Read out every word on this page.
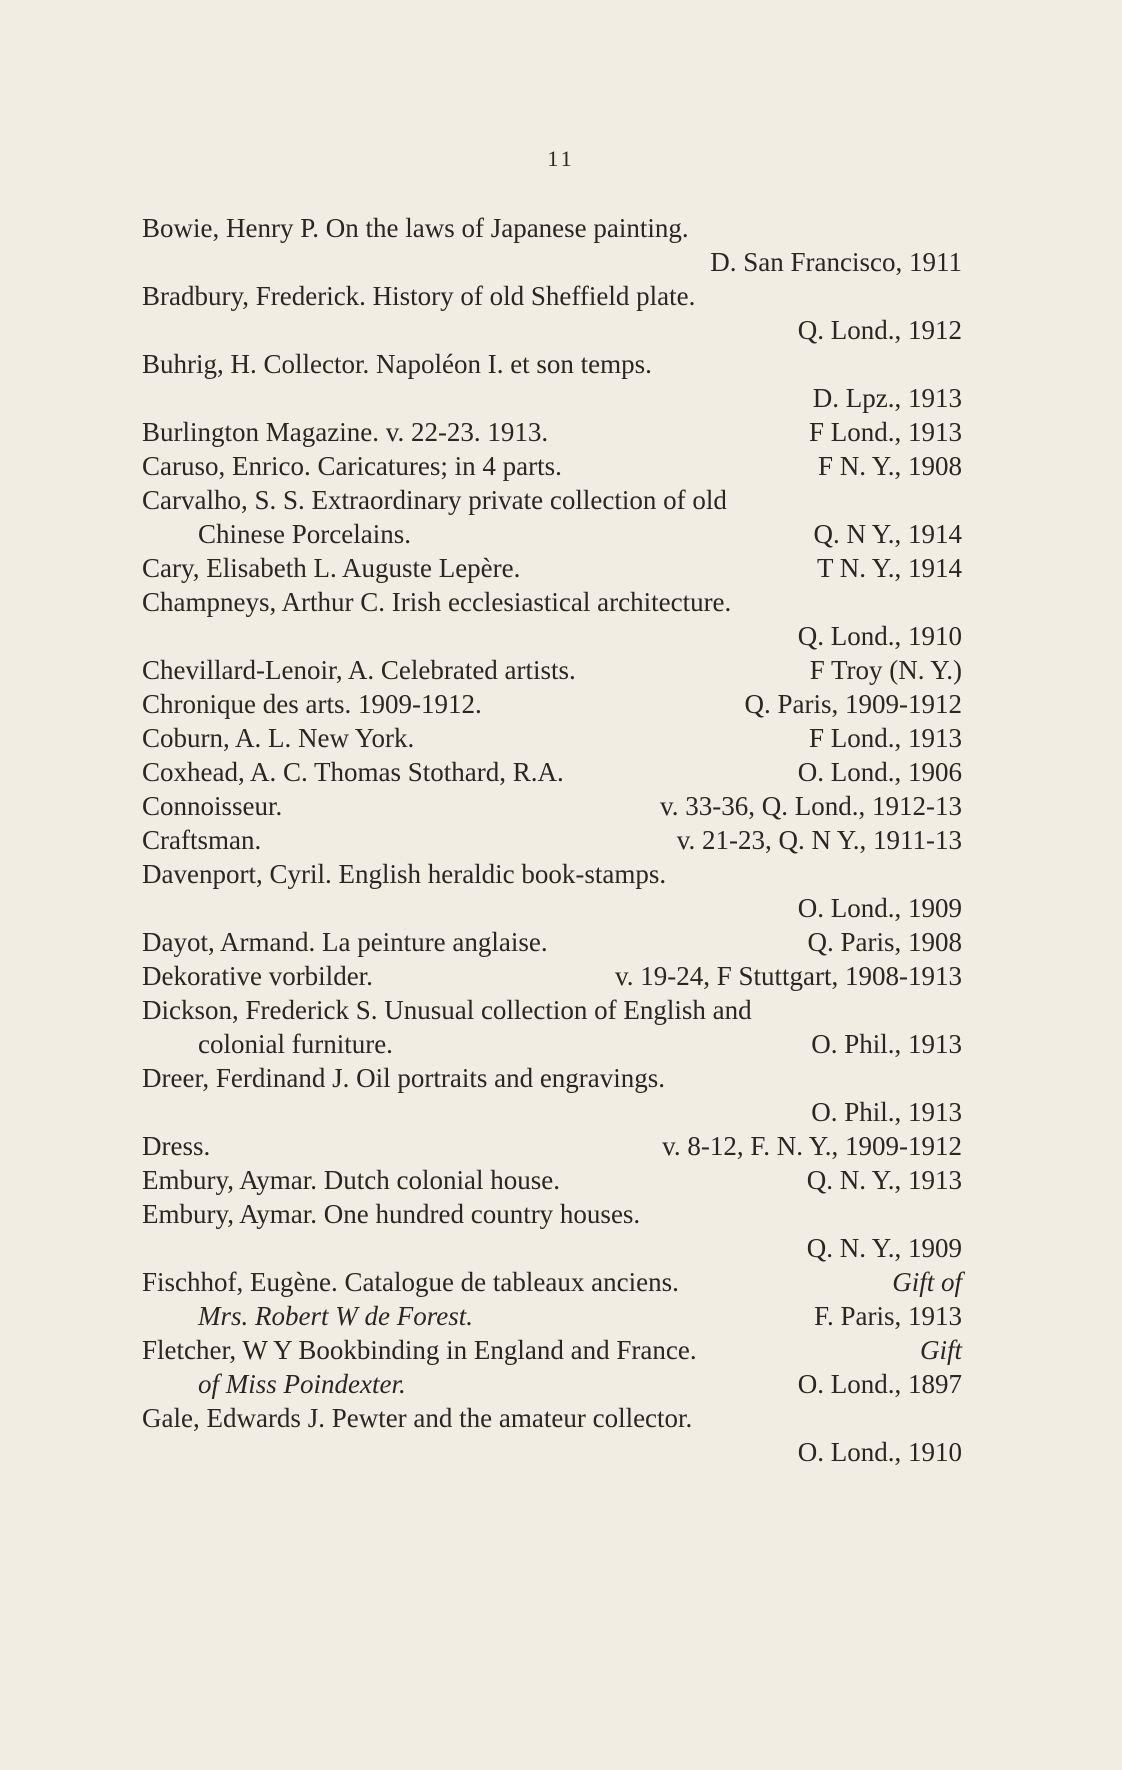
11
Bowie, Henry P. On the laws of Japanese painting.
D. San Francisco, 1911
Bradbury, Frederick. History of old Sheffield plate.
Q. Lond., 1912
Buhrig, H. Collector. Napoléon I. et son temps.
D. Lpz., 1913
Burlington Magazine. v. 22-23. 1913.	F Lond., 1913
Caruso, Enrico. Caricatures; in 4 parts.	F N. Y., 1908
Carvalho, S. S. Extraordinary private collection of old
Chinese Porcelains.	Q. N Y., 1914
Cary, Elisabeth L. Auguste Lepère.	T N. Y., 1914
Champneys, Arthur C. Irish ecclesiastical architecture.
Q. Lond., 1910
Chevillard-Lenoir, A. Celebrated artists.	F Troy (N. Y.)
Chronique des arts. 1909-1912.	Q. Paris, 1909-1912
Coburn, A. L. New York.	F Lond., 1913
Coxhead, A. C. Thomas Stothard, R.A.	O. Lond., 1906
Connoisseur.	v. 33-36, Q. Lond., 1912-13
Craftsman.	v. 21-23, Q. N Y., 1911-13
Davenport, Cyril. English heraldic book-stamps.
O. Lond., 1909
Dayot, Armand. La peinture anglaise.	Q. Paris, 1908
Dekorative vorbilder.	v. 19-24, F Stuttgart, 1908-1913
Dickson, Frederick S. Unusual collection of English and
colonial furniture.	O. Phil., 1913
Dreer, Ferdinand J. Oil portraits and engravings.
O. Phil., 1913
Dress.	v. 8-12, F. N. Y., 1909-1912
Embury, Aymar. Dutch colonial house.	Q. N. Y., 1913
Embury, Aymar. One hundred country houses.
Q. N. Y., 1909
Fischhof, Eugène. Catalogue de tableaux anciens.	Gift of
Mrs. Robert W de Forest.	F. Paris, 1913
Fletcher, W Y Bookbinding in England and France.	Gift
of Miss Poindexter.	O. Lond., 1897
Gale, Edwards J. Pewter and the amateur collector.
O. Lond., 1910
